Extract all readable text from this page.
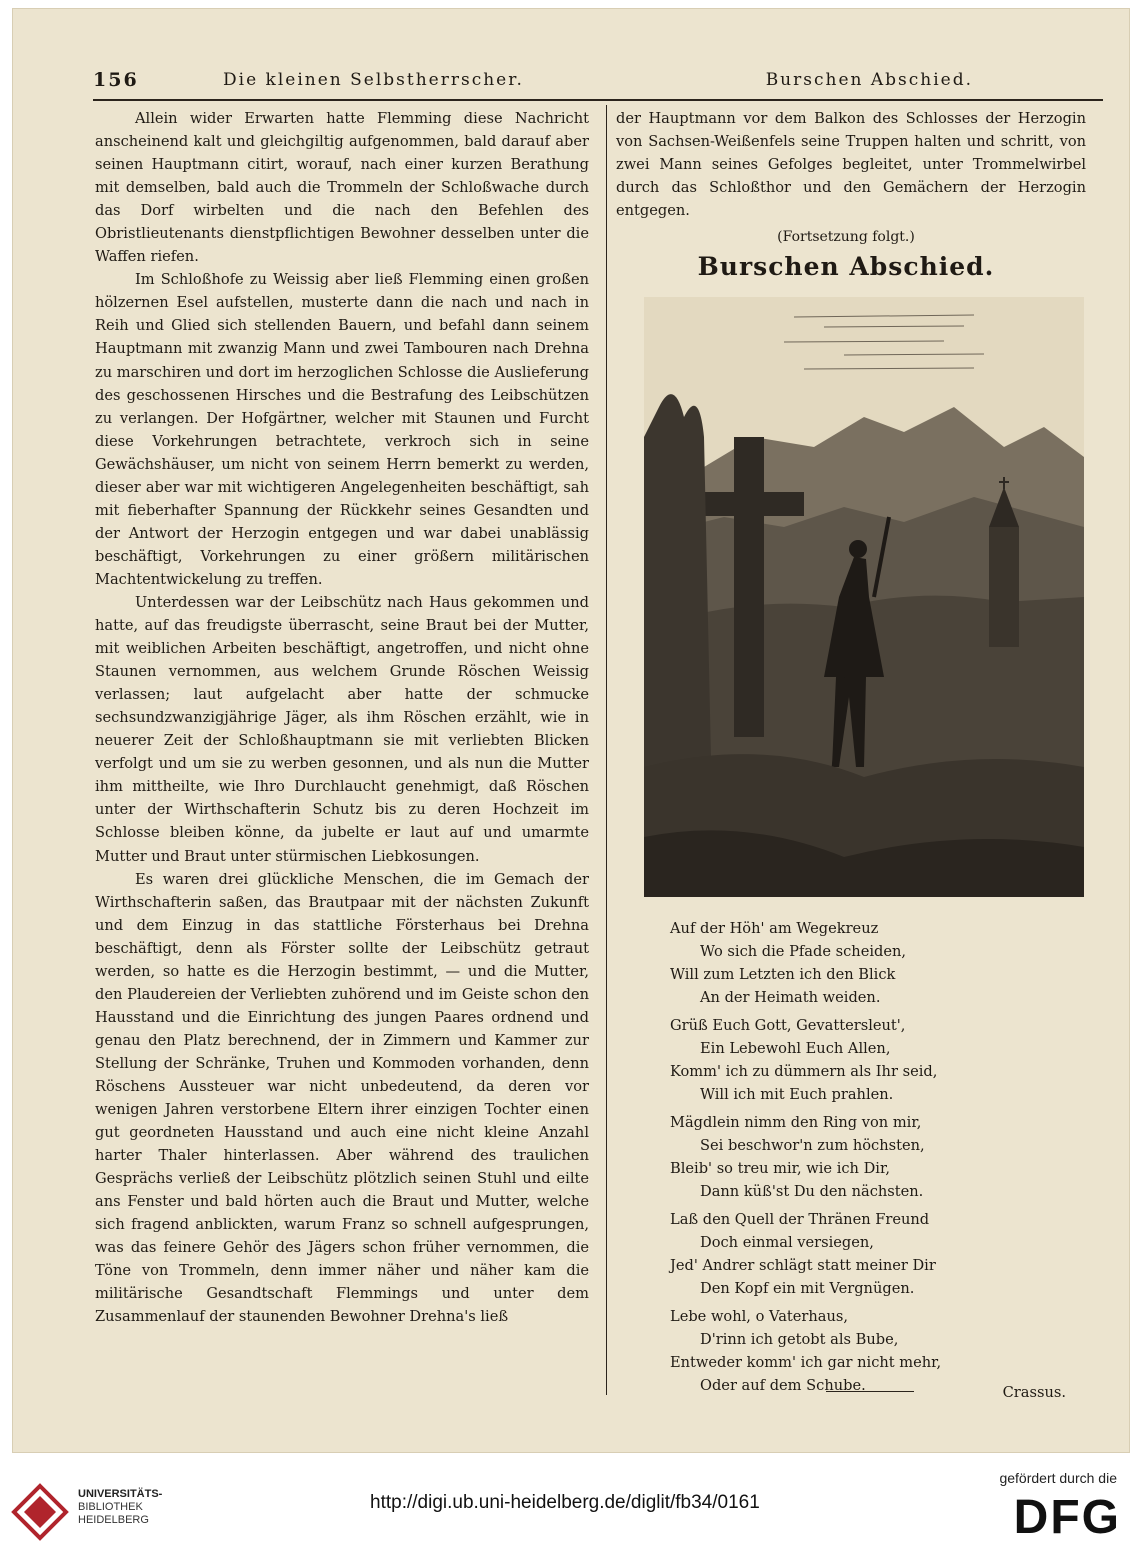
156	Die kleinen Selbstherrscher.	Burschen Abschied.

Allein wider Erwarten hatte Flemming diese Nachricht anscheinend kalt und gleichgiltig aufgenommen, bald darauf aber seinen Hauptmann citirt, worauf, nach einer kurzen Berathung mit demselben, bald auch die Trommeln der Schloßwache durch das Dorf wirbelten und die nach den Befehlen des Obristlieutenants dienstpflichtigen Bewohner desselben unter die Waffen riefen.

Im Schloßhofe zu Weissig aber ließ Flemming einen großen hölzernen Esel aufstellen, musterte dann die nach und nach in Reih und Glied sich stellenden Bauern, und befahl dann seinem Hauptmann mit zwanzig Mann und zwei Tambouren nach Drehna zu marschiren und dort im herzoglichen Schlosse die Auslieferung des geschossenen Hirsches und die Bestrafung des Leibschützen zu verlangen. Der Hofgärtner, welcher mit Staunen und Furcht diese Vorkehrungen betrachtete, verkroch sich in seine Gewächshäuser, um nicht von seinem Herrn bemerkt zu werden, dieser aber war mit wichtigeren Angelegenheiten beschäftigt, sah mit fieberhafter Spannung der Rückkehr seines Gesandten und der Antwort der Herzogin entgegen und war dabei unablässig beschäftigt, Vorkehrungen zu einer größern militärischen Machtentwickelung zu treffen.

Unterdessen war der Leibschütz nach Haus gekommen und hatte, auf das freudigste überrascht, seine Braut bei der Mutter, mit weiblichen Arbeiten beschäftigt, angetroffen, und nicht ohne Staunen vernommen, aus welchem Grunde Röschen Weissig verlassen; laut aufgelacht aber hatte der schmucke sechsundzwanzigjährige Jäger, als ihm Röschen erzählt, wie in neuerer Zeit der Schloßhauptmann sie mit verliebten Blicken verfolgt und um sie zu werben gesonnen, und als nun die Mutter ihm mittheilte, wie Ihro Durchlaucht genehmigt, daß Röschen unter der Wirthschafterin Schutz bis zu deren Hochzeit im Schlosse bleiben könne, da jubelte er laut auf und umarmte Mutter und Braut unter stürmischen Liebkosungen.

Es waren drei glückliche Menschen, die im Gemach der Wirthschafterin saßen, das Brautpaar mit der nächsten Zukunft und dem Einzug in das stattliche Försterhaus bei Drehna beschäftigt, denn als Förster sollte der Leibschütz getraut werden, so hatte es die Herzogin bestimmt, — und die Mutter, den Plaudereien der Verliebten zuhörend und im Geiste schon den Hausstand und die Einrichtung des jungen Paares ordnend und genau den Platz berechnend, der in Zimmern und Kammer zur Stellung der Schränke, Truhen und Kommoden vorhanden, denn Röschens Aussteuer war nicht unbedeutend, da deren vor wenigen Jahren verstorbene Eltern ihrer einzigen Tochter einen gut geordneten Hausstand und auch eine nicht kleine Anzahl harter Thaler hinterlassen. Aber während des traulichen Gesprächs verließ der Leibschütz plötzlich seinen Stuhl und eilte ans Fenster und bald hörten auch die Braut und Mutter, welche sich fragend anblickten, warum Franz so schnell aufgesprungen, was das feinere Gehör des Jägers schon früher vernommen, die Töne von Trommeln, denn immer näher und näher kam die militärische Gesandtschaft Flemmings und unter dem Zusammenlauf der staunenden Bewohner Drehna's ließ

der Hauptmann vor dem Balkon des Schlosses der Herzogin von Sachsen-Weißenfels seine Truppen halten und schritt, von zwei Mann seines Gefolges begleitet, unter Trommelwirbel durch das Schloßthor und den Gemächern der Herzogin entgegen.
(Fortsetzung folgt.)
Burschen Abschied.
Auf der Höh' am Wegekreuz
Wo sich die Pfade scheiden,
Will zum Letzten ich den Blick
An der Heimath weiden.
Grüß Euch Gott, Gevattersleut',
Ein Lebewohl Euch Allen,
Komm' ich zu dümmern als Ihr seid,
Will ich mit Euch prahlen.
Mägdlein nimm den Ring von mir,
Sei beschwor'n zum höchsten,
Bleib' so treu mir, wie ich Dir,
Dann küß'st Du den nächsten.
Laß den Quell der Thränen Freund
Doch einmal versiegen,
Jed' Andrer schlägt statt meiner Dir
Den Kopf ein mit Vergnügen.
Lebe wohl, o Vaterhaus,
D'rinn ich getobt als Bube,
Entweder komm' ich gar nicht mehr,
Oder auf dem Schube.	Crassus.
UNIVERSITÄTS-
BIBLIOTHEK
HEIDELBERG
http://digi.ub.uni-heidelberg.de/diglit/fb34/0161
gefördert durch die
DFG
